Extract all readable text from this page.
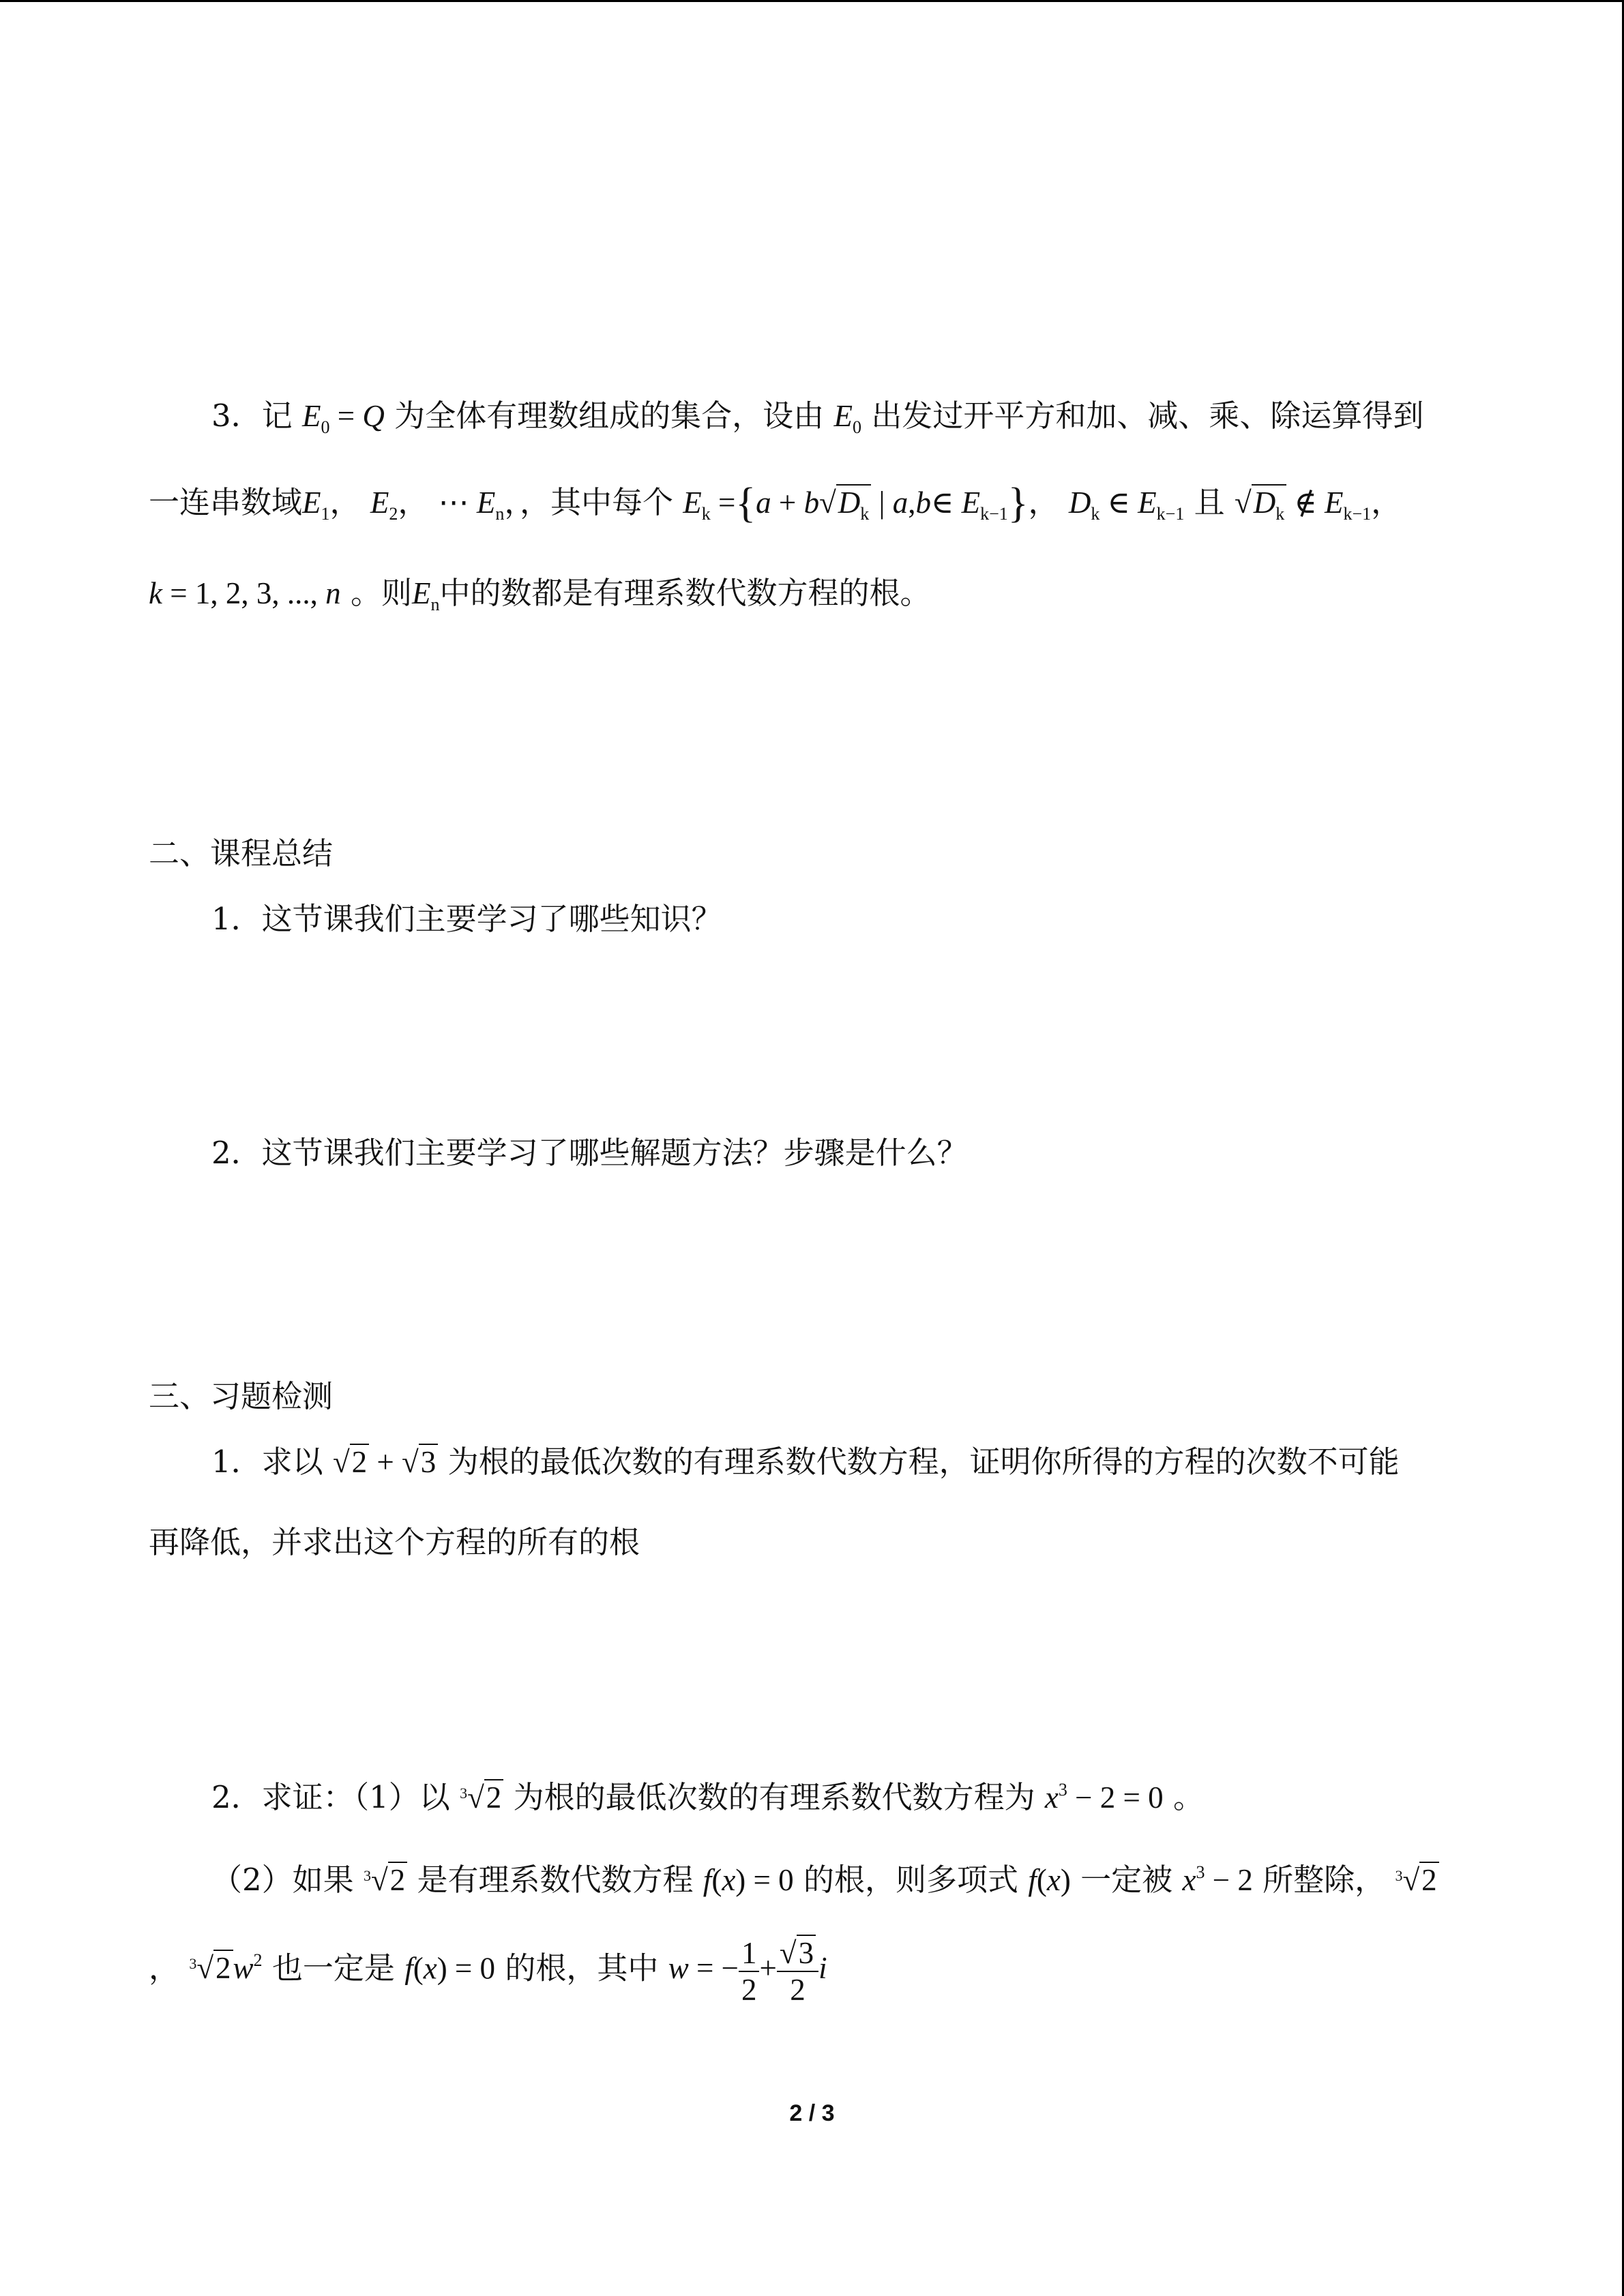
3．记 $E_0 = Q$ 为全体有理数组成的集合，设由 $E_0$ 出发过开平方和加、减、乘、除运算得到
一连串数域$E_1$， $E_2$， ⋯ $E_n$，，其中每个 $E_k =\{a + b√D_k$ | a,b∈ $E_{k-1}$}， $D_k$ ∈ $E_{k-1}$ 且 $√D_k$ ∉ $E_{k-1}$，
k = 1, 2, 3, ..., n 。则$E_n$中的数都是有理系数代数方程的根。
二、课程总结
1．这节课我们主要学习了哪些知识？
2．这节课我们主要学习了哪些解题方法？步骤是什么？
三、习题检测
1．求以 √2 + √3 为根的最低次数的有理系数代数方程，证明你所得的方程的次数不可能
再降低，并求出这个方程的所有的根
2．求证：（1）以 $^3$√2 为根的最低次数的有理系数代数方程为 $x^3 - 2 = 0$ 。
（2）如果 $^3$√2 是有理系数代数方程 f(x) = 0 的根，则多项式 f(x) 一定被 $x^3 - 2$ 所整除， $^3$√2
， $^3√2w^2$ 也一定是 f(x) = 0 的根，其中 w = − $\frac{1}{2} + \frac{√3}{2}$ i
2 / 3
